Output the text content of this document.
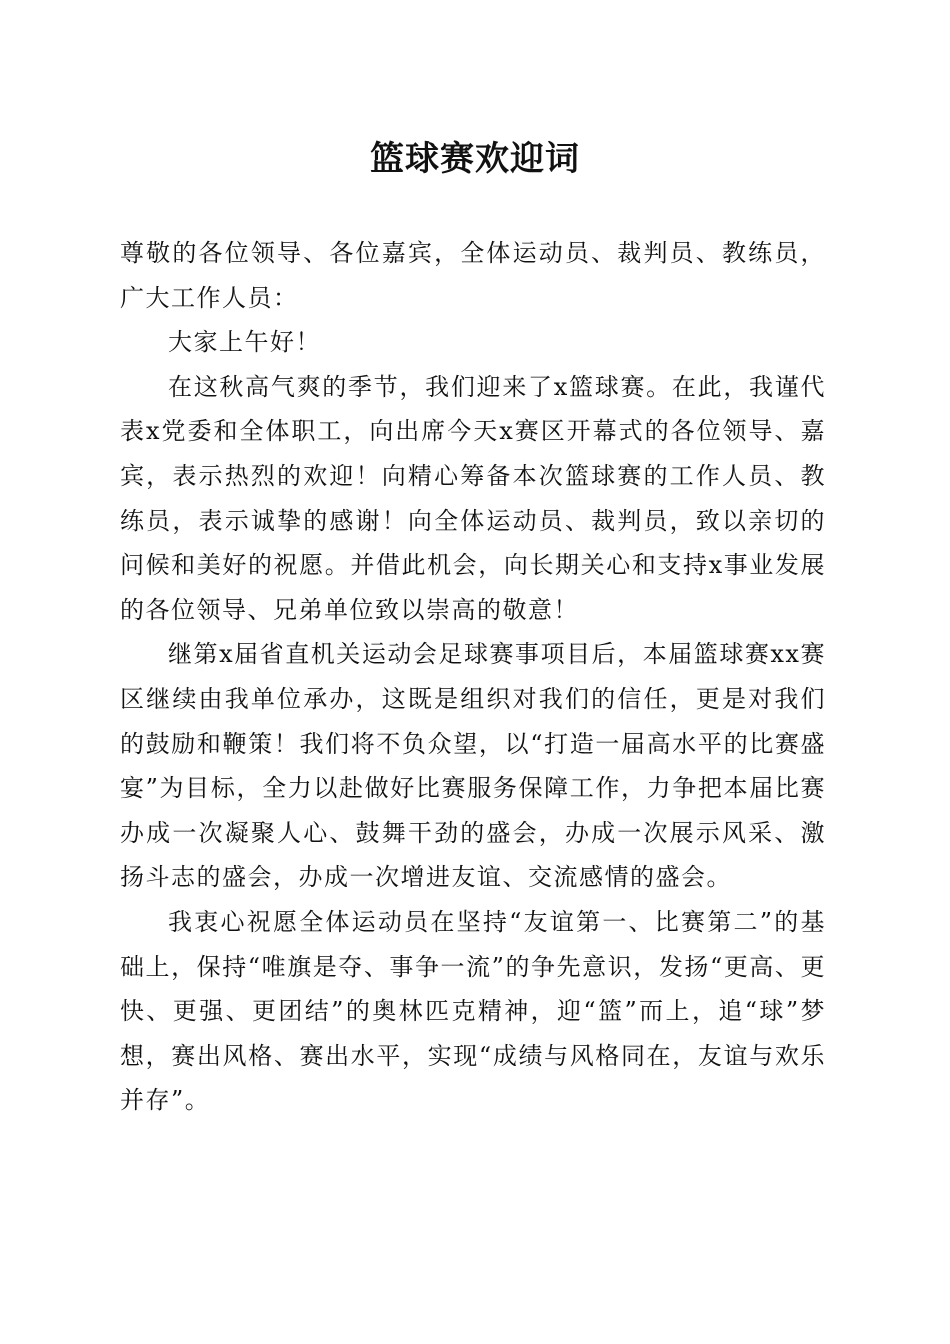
篮球赛欢迎词

尊敬的各位领导、各位嘉宾，全体运动员、裁判员、教练员，广大工作人员：

大家上午好！

在这秋高气爽的季节，我们迎来了x篮球赛。在此，我谨代表x党委和全体职工，向出席今天x赛区开幕式的各位领导、嘉宾，表示热烈的欢迎！向精心筹备本次篮球赛的工作人员、教练员，表示诚挚的感谢！向全体运动员、裁判员，致以亲切的问候和美好的祝愿。并借此机会，向长期关心和支持x事业发展的各位领导、兄弟单位致以崇高的敬意！

继第x届省直机关运动会足球赛事项目后，本届篮球赛xx赛区继续由我单位承办，这既是组织对我们的信任，更是对我们的鼓励和鞭策！我们将不负众望，以“打造一届高水平的比赛盛宴”为目标，全力以赴做好比赛服务保障工作，力争把本届比赛办成一次凝聚人心、鼓舞干劲的盛会，办成一次展示风采、激扬斗志的盛会，办成一次增进友谊、交流感情的盛会。

我衷心祝愿全体运动员在坚持“友谊第一、比赛第二”的基础上，保持“唯旗是夺、事争一流”的争先意识，发扬“更高、更快、更强、更团结”的奥林匹克精神，迎“篮”而上，追“球”梦想，赛出风格、赛出水平，实现“成绩与风格同在，友谊与欢乐并存”。
